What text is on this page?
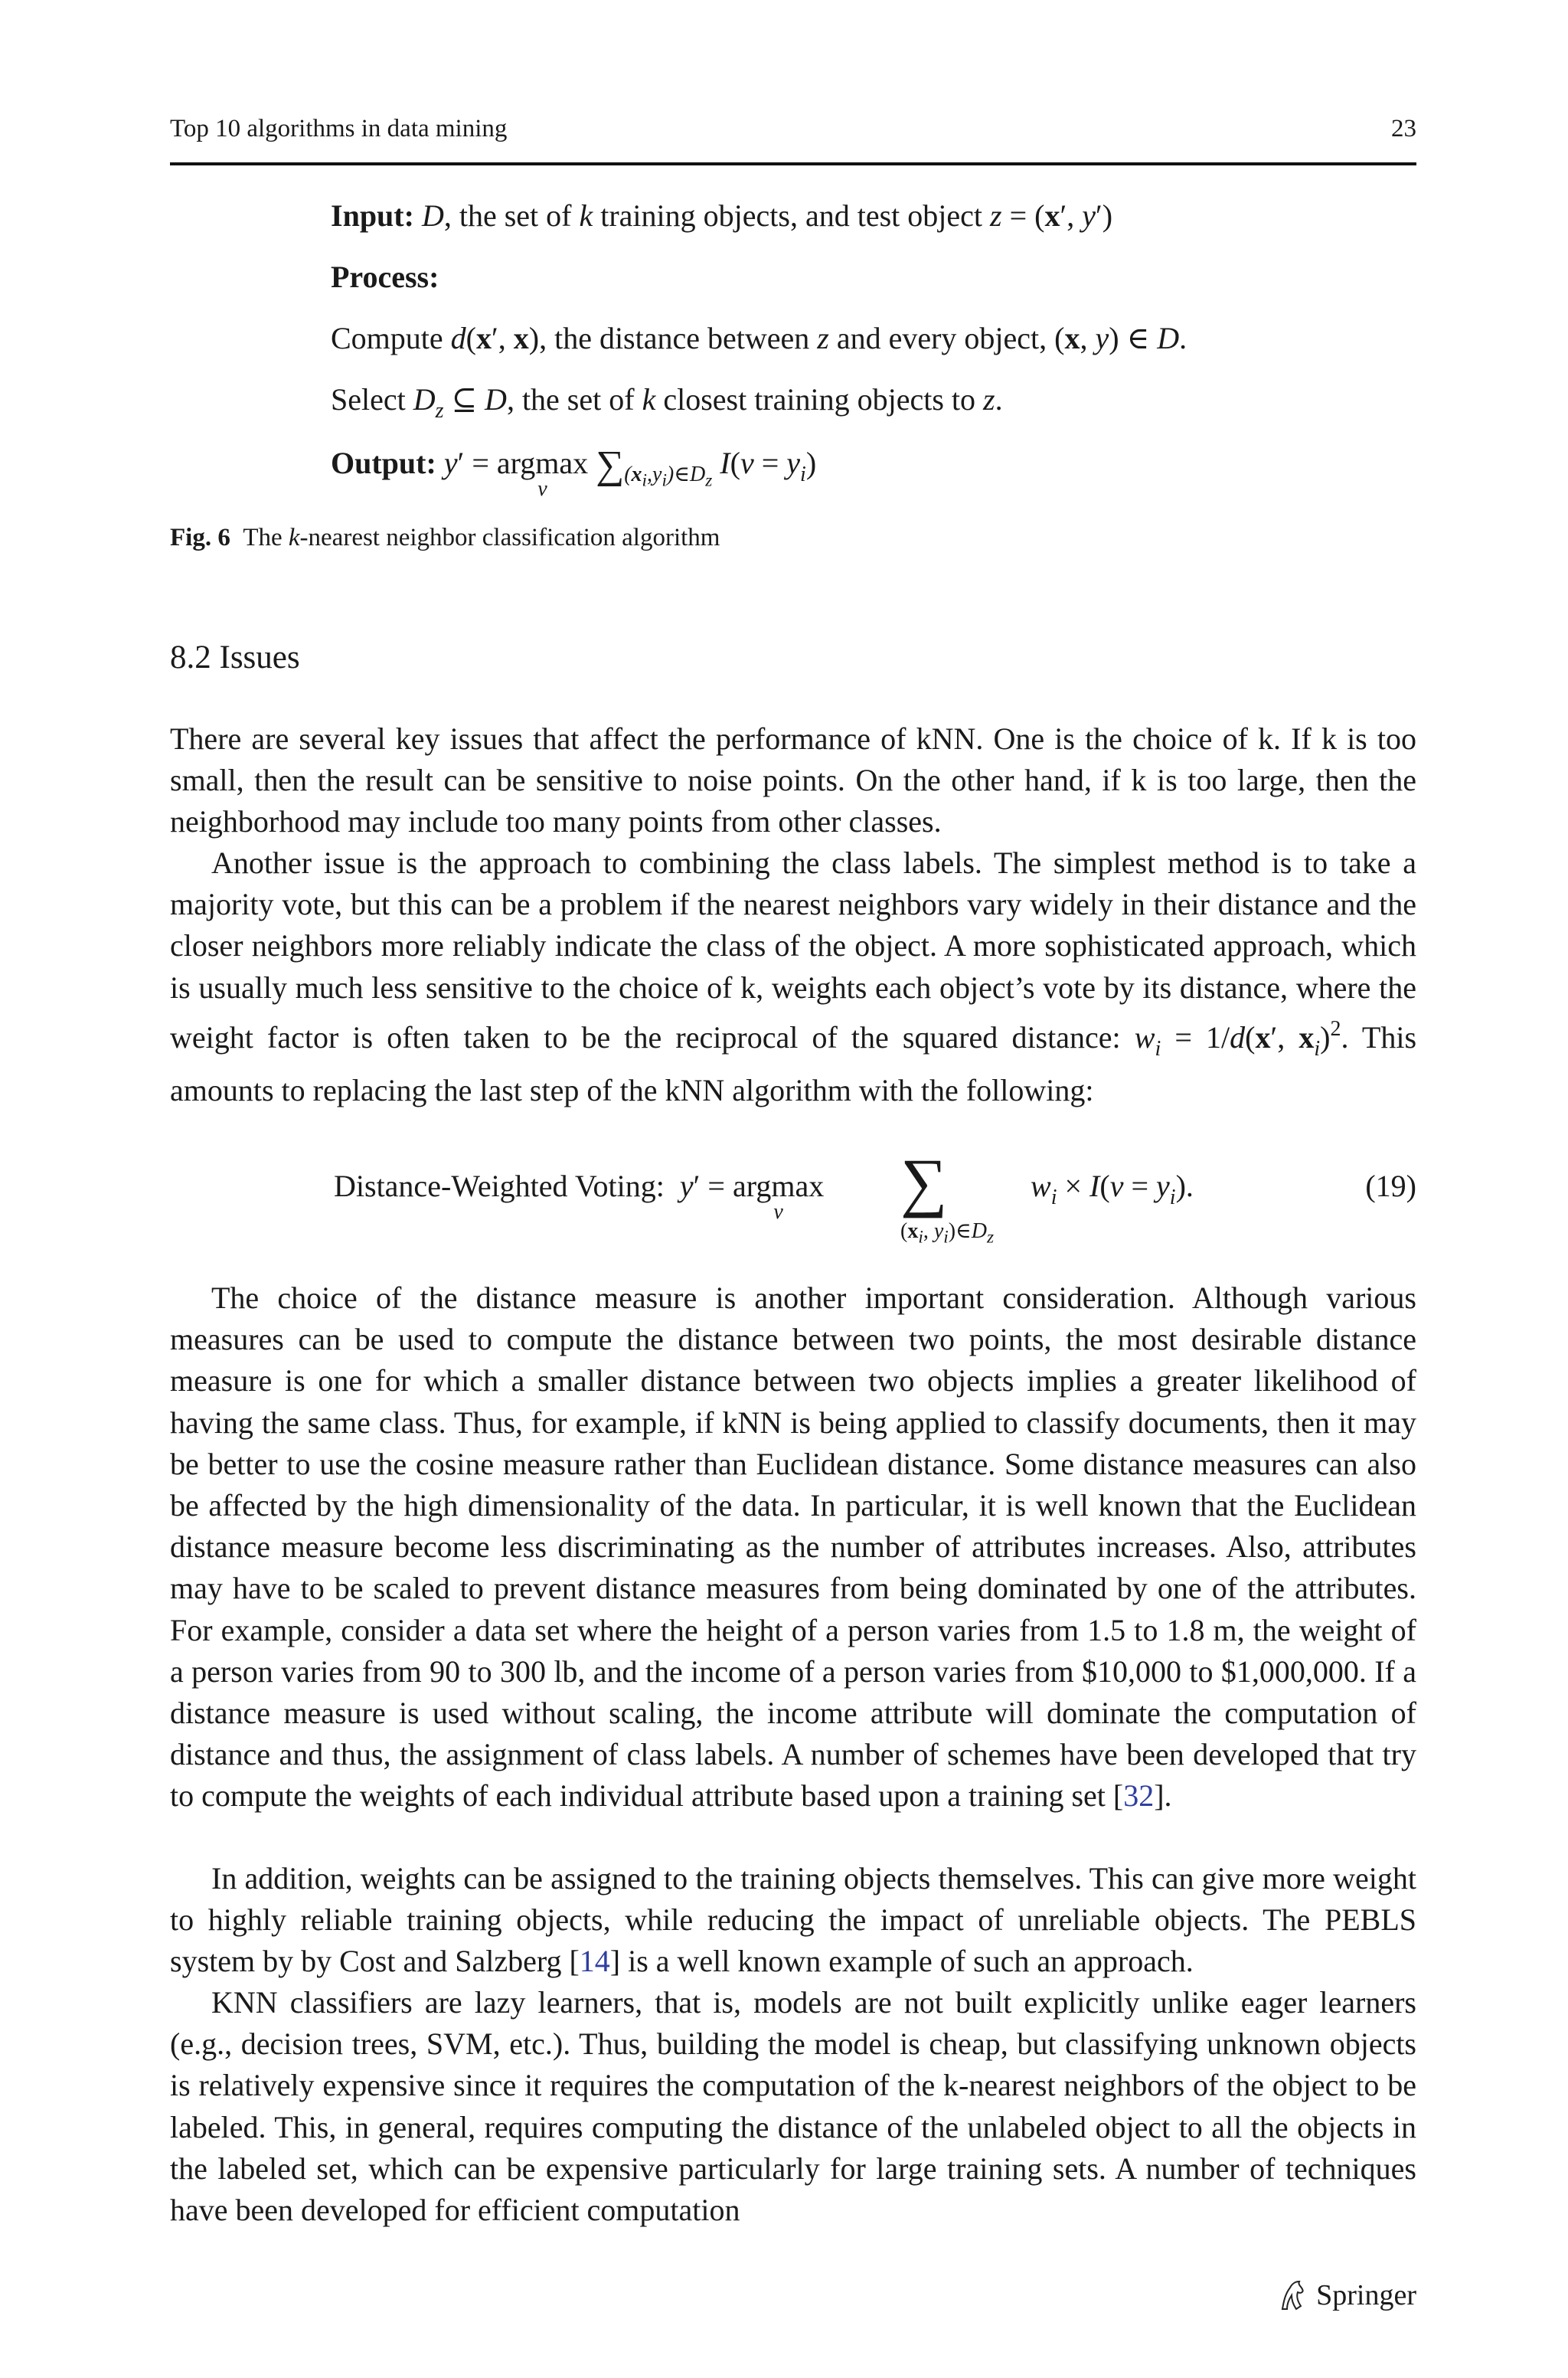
Top 10 algorithms in data mining	23
Input: D, the set of k training objects, and test object z = (x′, y′)
Process:
Compute d(x′, x), the distance between z and every object, (x, y) ∈ D.
Select $D_z$ ⊆ D, the set of k closest training objects to z.
Output: y′ = argmax
v
$\sum_{(x_i,y_i)\in D_z}$ $I(v = y_i)$
Fig. 6 The k-nearest neighbor classification algorithm
8.2 Issues
There are several key issues that affect the performance of kNN. One is the choice of k. If k is too small, then the result can be sensitive to noise points. On the other hand, if k is too large, then the neighborhood may include too many points from other classes.
Another issue is the approach to combining the class labels. The simplest method is to take a majority vote, but this can be a problem if the nearest neighbors vary widely in their distance and the closer neighbors more reliably indicate the class of the object. A more sophisticated approach, which is usually much less sensitive to the choice of k, weights each object’s vote by its distance, where the weight factor is often taken to be the reciprocal of the squared distance: $w_i = 1/d(x'$, $x_i)^2$. This amounts to replacing the last step of the kNN algorithm with the following:
Distance-Weighted Voting: y′ = argmax
v	∑
($x_i$, $y_i)\in D_z$
$w_i \times I(v = y_i)$.	(19)
The choice of the distance measure is another important consideration. Although various measures can be used to compute the distance between two points, the most desirable distance measure is one for which a smaller distance between two objects implies a greater likelihood of having the same class. Thus, for example, if kNN is being applied to classify documents, then it may be better to use the cosine measure rather than Euclidean distance. Some distance measures can also be affected by the high dimensionality of the data. In particular, it is well known that the Euclidean distance measure become less discriminating as the number of attributes increases. Also, attributes may have to be scaled to prevent distance measures from being dominated by one of the attributes. For example, consider a data set where the height of a person varies from 1.5 to 1.8 m, the weight of a person varies from 90 to 300 lb, and the income of a person varies from $10,000 to $1,000,000. If a distance measure is used without scaling, the income attribute will dominate the computation of distance and thus, the assignment of class labels. A number of schemes have been developed that try to compute the weights of each individual attribute based upon a training set [32].
In addition, weights can be assigned to the training objects themselves. This can give more weight to highly reliable training objects, while reducing the impact of unreliable objects. The PEBLS system by by Cost and Salzberg [14] is a well known example of such an approach.
KNN classifiers are lazy learners, that is, models are not built explicitly unlike eager learners (e.g., decision trees, SVM, etc.). Thus, building the model is cheap, but classifying unknown objects is relatively expensive since it requires the computation of the k-nearest neighbors of the object to be labeled. This, in general, requires computing the distance of the unlabeled object to all the objects in the labeled set, which can be expensive particularly for large training sets. A number of techniques have been developed for efficient computation
Springer
